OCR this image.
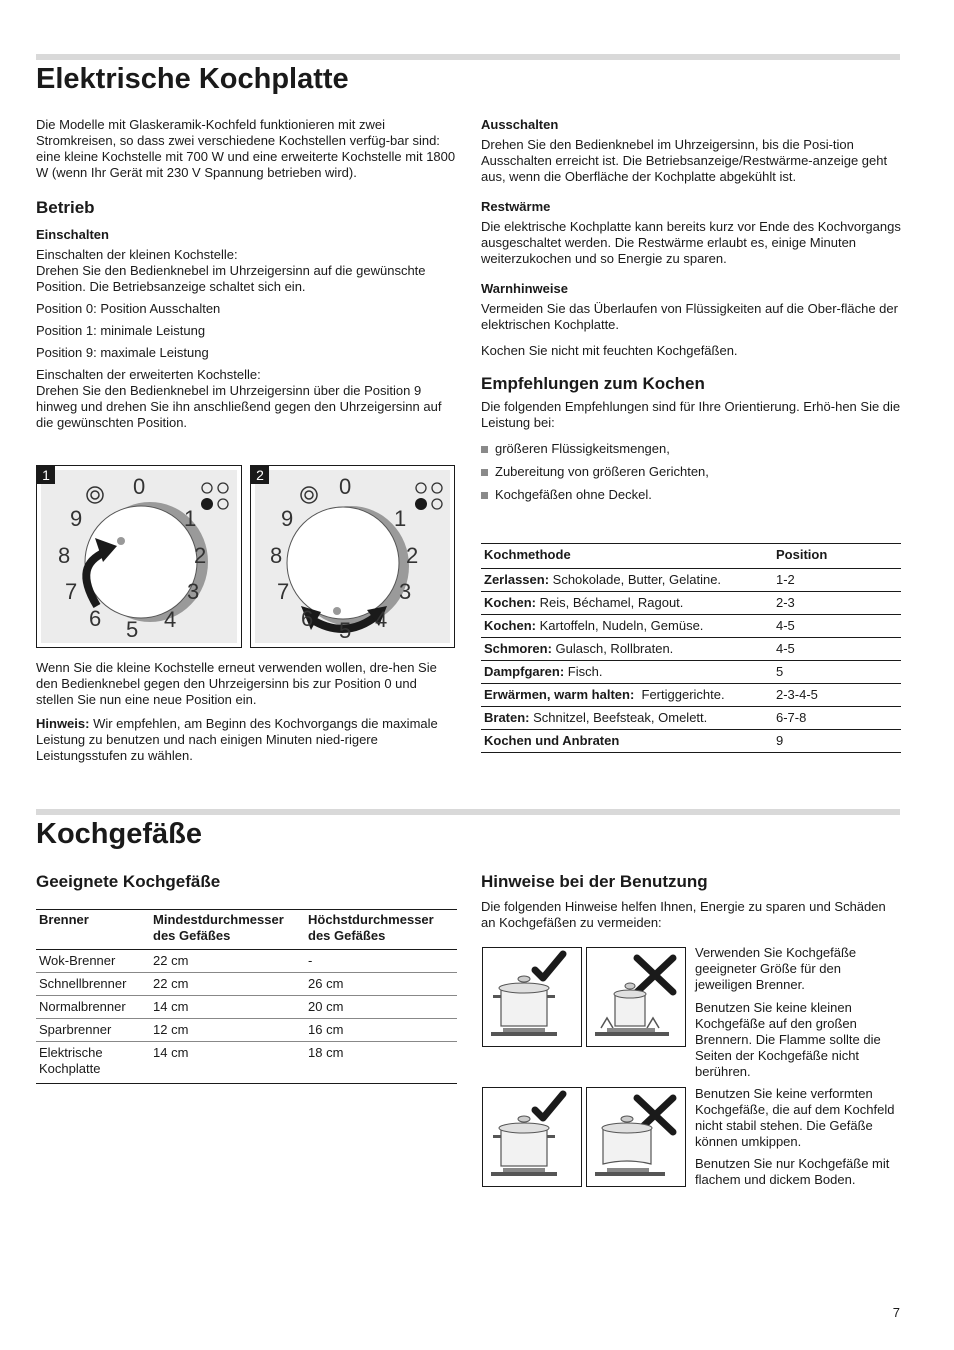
Elektrische Kochplatte
Die Modelle mit Glaskeramik-Kochfeld funktionieren mit zwei Stromkreisen, so dass zwei verschiedene Kochstellen verfüg-bar sind: eine kleine Kochstelle mit 700 W und eine erweiterte Kochstelle mit 1800 W (wenn Ihr Gerät mit 230 V Spannung betrieben wird).
Betrieb
Einschalten
Einschalten der kleinen Kochstelle:
Drehen Sie den Bedienknebel im Uhrzeigersinn auf die gewünschte Position. Die Betriebsanzeige schaltet sich ein.
Position 0: Position Ausschalten
Position 1: minimale Leistung
Position 9: maximale Leistung
Einschalten der erweiterten Kochstelle:
Drehen Sie den Bedienknebel im Uhrzeigersinn über die Position 9 hinweg und drehen Sie ihn anschließend gegen den Uhrzeigersinn auf die gewünschten Position.
1	0
1
2
3
4
5
6
7
8
9
2	0
1
2
3
4
5
6
7
8
9
Wenn Sie die kleine Kochstelle erneut verwenden wollen, dre-hen Sie den Bedienknebel gegen den Uhrzeigersinn bis zur Position 0 und stellen Sie nun eine neue Position ein.
Hinweis: Wir empfehlen, am Beginn des Kochvorgangs die maximale Leistung zu benutzen und nach einigen Minuten nied-rigere Leistungsstufen zu wählen.
Ausschalten
Drehen Sie den Bedienknebel im Uhrzeigersinn, bis die Posi-tion Ausschalten erreicht ist. Die Betriebsanzeige/Restwärme-anzeige geht aus, wenn die Oberfläche der Kochplatte abgekühlt ist.
Restwärme
Die elektrische Kochplatte kann bereits kurz vor Ende des Kochvorgangs ausgeschaltet werden. Die Restwärme erlaubt es, einige Minuten weiterzukochen und so Energie zu sparen.
Warnhinweise
Vermeiden Sie das Überlaufen von Flüssigkeiten auf die Ober-fläche der elektrischen Kochplatte.
Kochen Sie nicht mit feuchten Kochgefäßen.
Empfehlungen zum Kochen
Die folgenden Empfehlungen sind für Ihre Orientierung. Erhö-hen Sie die Leistung bei:
größeren Flüssigkeitsmengen,
Zubereitung von größeren Gerichten,
Kochgefäßen ohne Deckel.
Kochmethode	Position
Zerlassen: Schokolade, Butter, Gelatine.	1-2
Kochen: Reis, Béchamel, Ragout.	2-3
Kochen: Kartoffeln, Nudeln, Gemüse.	4-5
Schmoren: Gulasch, Rollbraten.	4-5
Dampfgaren: Fisch.	5
Erwärmen, warm halten:  Fertiggerichte.	2-3-4-5
Braten: Schnitzel, Beefsteak, Omelett.	6-7-8
Kochen und Anbraten	9
Kochgefäße
Geeignete Kochgefäße
Brenner	Mindestdurchmesser des Gefäßes	Höchstdurchmesser des Gefäßes
Wok-Brenner	22 cm	-
Schnellbrenner	22 cm	26 cm
Normalbrenner	14 cm	20 cm
Sparbrenner	12 cm	16 cm
Elektrische Kochplatte	14 cm	18 cm
Hinweise bei der Benutzung
Die folgenden Hinweise helfen Ihnen, Energie zu sparen und Schäden an Kochgefäßen zu vermeiden:
Verwenden Sie Kochgefäße geeigneter Größe für den jeweiligen Brenner.
Benutzen Sie keine kleinen Kochgefäße auf den großen Brennern. Die Flamme sollte die Seiten der Kochgefäße nicht berühren.
Benutzen Sie keine verformten Kochgefäße, die auf dem Kochfeld nicht stabil stehen. Die Gefäße können umkippen.
Benutzen Sie nur Kochgefäße mit flachem und dickem Boden.
7
